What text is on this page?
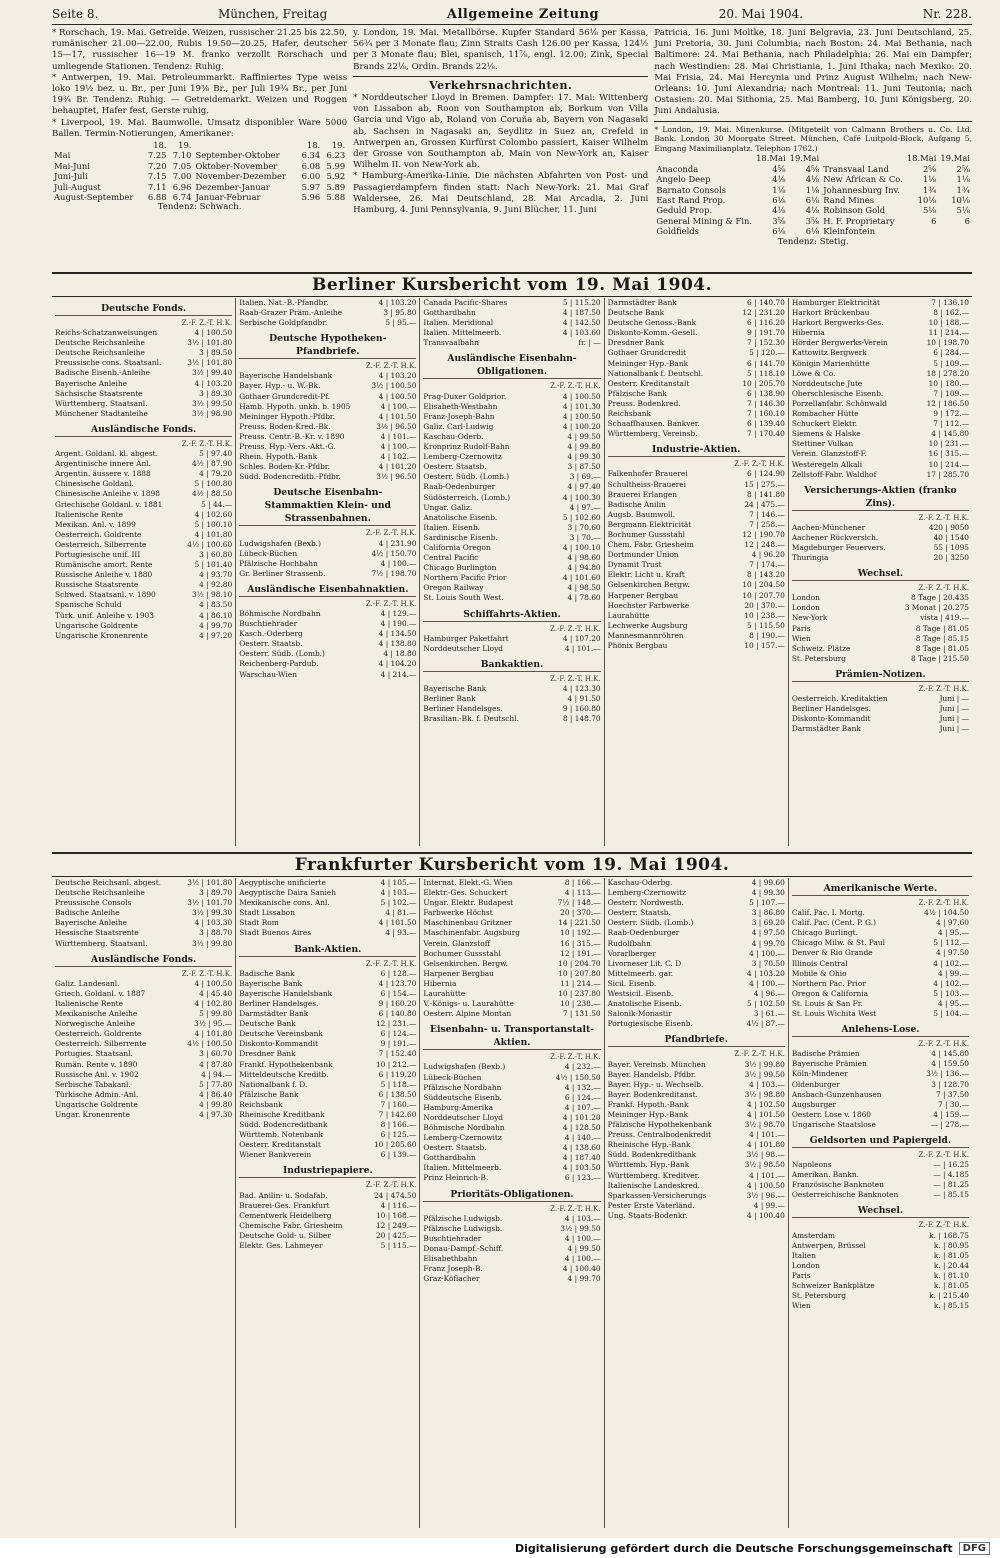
Seite 8.	München, Freitag	Allgemeine Zeitung	20. Mai 1904.	Nr. 228.
* Rorschach, 19. Mai. Getreide. Weizen, russischer 21.25 bis 22.50, rumänischer 21.00—22.00, Rubis 19.50—20.25, Hafer, deutscher 15—17, russischer 16—19 M. franko verzollt Rorschach und umliegende Stationen. Tendenz: Ruhig.
* Antwerpen, 19. Mai. Petroleummarkt. Raffiniertes Type weiss loko 19½ bez. u. Br., per Juni 19⅜ Br., per Juli 19¾ Br., per Juni 19¾ Br. Tendenz: Ruhig. — Getreidemarkt. Weizen und Roggen behauptet, Hafer fest, Gerste ruhig.
* Liverpool, 19. Mai. Baumwolle. Umsatz disponibler Ware 5000 Ballen. Termin-Notierungen, Amerikaner:
	18.	19.		18.	19.
Mai	7.25	7.10	September-Oktober	6.34	6.23
Mai-Juni	7.20	7.05	Oktober-November	6.08	5.99
Juni-Juli	7.15	7.00	November-Dezember	6.00	5.92
Juli-August	7.11	6.96	Dezember-Januar	5.97	5.89
August-September	6.88	6.74	Januar-Februar	5.96	5.88
Tendenz: Schwach.
y. London, 19. Mai. Metallbörse. Kupfer Standard 56⅛ per Kassa, 56¾ per 3 Monate flau; Zinn Straits Cash 126.00 per Kassa, 124½ per 3 Monate flau; Blei, spanisch, 11⅞, engl. 12.00; Zink, Special Brands 22⅛, Ordin. Brands 22⅛.
Verkehrsnachrichten.
* Norddeutscher Lloyd in Bremen. Dampfer: 17. Mai: Wittenberg von Lissabon ab, Roon von Southampton ab, Borkum von Villa Garcia und Vigo ab, Roland von Coruña ab, Bayern von Nagasaki ab, Sachsen in Nagasaki an, Seydlitz in Suez an, Crefeld in Antwerpen an, Grossen Kurfürst Colombo passiert, Kaiser Wilhelm der Grosse von Southampton ab, Main von New-York an, Kaiser Wilhelm II. von New-York ab.
* Hamburg-Amerika-Linie. Die nächsten Abfahrten von Post- und Passagierdampfern finden statt: Nach New-York: 21. Mai Graf Waldersee, 26. Mai Deutschland, 28. Mai Arcadia, 2. Juni Hamburg, 4. Juni Pennsylvania, 9. Juni Blücher, 11. Juni
Patricia, 16. Juni Moltke, 18. Juni Belgravia, 23. Juni Deutschland, 25. Juni Pretoria, 30. Juni Columbia; nach Boston: 24. Mai Bethania, nach Baltimore: 24. Mai Bethania, nach Philadelphia: 26. Mai ein Dampfer; nach Westindien: 28. Mai Christiania, 1. Juni Ithaka; nach Mexiko: 20. Mai Frisia, 24. Mai Hercynia und Prinz August Wilhelm; nach New-Orleans: 10. Juni Alexandria; nach Montreal: 11. Juni Teutonia; nach Ostasien: 20. Mai Sithonia, 25. Mai Bamberg, 10. Juni Königsberg, 20. Juni Andalusia.
* London, 19. Mai. Minenkurse. (Mitgeteilt von Calmann Brothers u. Co. Ltd. Bank. London 30 Moorgate Street. München, Café Luitpold-Block, Aufgang 5, Eingang Maximilianplatz. Telephon 1762.)
	18.Mai	19.Mai		18.Mai	19.Mai
Anaconda	4⅝	4⅝	Transvaal Land	2⅝	2⅝
Angelo Deep	4⅛	4⅛	New African & Co.	1⅛	1⅛
Barnato Consols	1⅛	1⅛	Johannesburg Inv.	1¾	1¾
East Rand Prop.	6⅛	6⅛	Rand Mines	10⅛	10⅛
Geduld Prop.	4⅛	4⅛	Robinson Gold	5⅛	5⅛
General Mining & Fin.	3⅝	3⅝	H. F. Proprietary	6	6
Goldfields	6⅛	6⅛	Kleinfontein		
Tendenz: Stetig.
Berliner Kursbericht vom 19. Mai 1904.
Deutsche Fonds.
Z.-F. Z.-T. H.K.
Reichs-Schatzanweisungen	4 | 100.50
Deutsche Reichsanleihe	3½ | 101.80
Deutsche Reichsanleihe	3 | 89.50
Preussische cons. Staatsanl.	3½ | 101.80
Badische Eisenb.-Anleihe	3½ | 99.40
Bayerische Anleihe	4 | 103.20
Sächsische Staatsrente	3 | 89.30
Württemberg. Staatsanl.	3½ | 99.50
Münchener Stadtanleihe	3½ | 98.90
Ausländische Fonds.
Z.-F. Z.-T. H.K.
Argent. Goldanl. kl. abgest.	5 | 97.40
Argentinische innere Anl.	4½ | 87.90
Argentin. äussere v. 1888	4 | 79.20
Chinesische Goldanl.	5 | 100.80
Chinesische Anleihe v. 1898	4½ | 88.50
Griechische Goldanl. v. 1881	5 | 44.—
Italienische Rente	4 | 102.60
Mexikan. Anl. v. 1899	5 | 100.10
Oesterreich. Goldrente	4 | 101.80
Oesterreich. Silberrente	4½ | 100.60
Portugiesische unif. III	3 | 60.80
Rumänische amort. Rente	5 | 101.40
Russische Anleihe v. 1880	4 | 93.70
Russische Staatsrente	4 | 92.80
Schwed. Staatsanl. v. 1890	3½ | 98.10
Spanische Schuld	4 | 83.50
Türk. unif. Anleihe v. 1903	4 | 86.10
Ungarische Goldrente	4 | 99.70
Ungarische Kronenrente	4 | 97.20
Italien. Nat.-B.-Pfandbr.	4 | 103.20
Raab-Grazer Präm.-Anleihe	3 | 95.80
Serbische Goldpfandbr.	5 | 95.—
Deutsche Hypotheken-Pfandbriefe.
Z.-F. Z.-T. H.K.
Bayerische Handelsbank	4 | 103.20
Bayer. Hyp.- u. W.-Bk.	3½ | 100.50
Gothaer Grundcredit-Pf.	4 | 100.50
Hamb. Hypoth. unkb. b. 1905	4 | 100.—
Meininger Hypoth.-Pfdbr.	4 | 101.50
Preuss. Boden-Kred.-Bk.	3½ | 96.50
Preuss. Centr.-B.-Kr. v. 1890	4 | 101.—
Preuss. Hyp.-Vers.-Akt.-G.	4 | 100.—
Rhein. Hypoth.-Bank	4 | 102.—
Schles. Boden-Kr.-Pfdbr.	4 | 101.20
Südd. Bodencreditb.-Pfdbr.	3½ | 96.50
Deutsche Eisenbahn-Stammaktien Klein- und Strassenbahnen.
Z.-F. Z.-T. H.K.
Ludwigshafen (Bexb.)	4 | 231.90
Lübeck-Büchen	4½ | 150.70
Pfälzische Hochbahn	4 | 100.—
Gr. Berliner Strassenb.	7½ | 198.70
Ausländische Eisenbahnaktien.
Z.-F. Z.-T. H.K.
Böhmische Nordbahn	4 | 129.—
Buschtiehrader	4 | 190.—
Kasch.-Oderberg	4 | 134.50
Oesterr. Staatsb.	4 | 138.80
Oesterr. Südb. (Lomb.)	4 | 18.80
Reichenberg-Pardub.	4 | 104.20
Warschau-Wien	4 | 214.—
Canada Pacific-Shares	5 | 115.20
Gotthardbahn	4 | 187.50
Italien. Meridional	4 | 142.50
Italien. Mittelmeerb.	4 | 103.60
Transvaalbahn	fr. | —
Ausländische Eisenbahn-Obligationen.
Z.-F. Z.-T. H.K.
Prag-Duxer Goldprior.	4 | 100.50
Elisabeth-Westbahn	4 | 101.30
Franz-Joseph-Bahn	4 | 100.50
Galiz. Carl-Ludwig	4 | 100.20
Kaschau-Oderb.	4 | 99.50
Kronprinz Rudolf-Bahn	4 | 99.80
Lemberg-Czernowitz	4 | 99.30
Oesterr. Staatsb.	3 | 87.50
Oesterr. Südb. (Lomb.)	3 | 69.—
Raab-Oedenburger	4 | 97.40
Südösterreich. (Lomb.)	4 | 100.30
Ungar. Galiz.	4 | 97.—
Anatolische Eisenb.	5 | 102.60
Italien. Eisenb.	3 | 70.60
Sardinische Eisenb.	3 | 70.—
California Oregon	4 | 100.10
Central Pacific	4 | 98.60
Chicago Burlington	4 | 94.80
Northern Pacific Prior	4 | 101.60
Oregon Railway	4 | 98.50
St. Louis South West.	4 | 78.60
Schiffahrts-Aktien.
Z.-F. Z.-T. H.K.
Hamburger Paketfahrt	4 | 107.20
Norddeutscher Lloyd	4 | 101.—
Bankaktien.
Z.-F. Z.-T. H.K.
Bayerische Bank	4 | 123.30
Berliner Bank	4 | 91.50
Berliner Handelsges.	9 | 160.80
Brasilian.-Bk. f. Deutschl.	8 | 148.70
Darmstädter Bank	6 | 140.70
Deutsche Bank	12 | 231.20
Deutsche Genoss.-Bank	6 | 116.20
Diskonto-Komm.-Gesell.	9 | 191.70
Dresdner Bank	7 | 152.30
Gothaer Grundcredit	5 | 120.—
Meininger Hyp.-Bank	6 | 141.70
Nationalbank f. Deutschl.	5 | 118.10
Oesterr. Kreditanstalt	10 | 205.70
Pfälzische Bank	6 | 138.90
Preuss. Bodenkred.	7 | 146.30
Reichsbank	7 | 160.10
Schaaffhausen. Bankver.	6 | 139.40
Württemberg. Vereinsb.	7 | 170.40
Industrie-Aktien.
Z.-F. Z.-T. H.K.
Falkenhofer Brauerei	6 | 124.90
Schultheiss-Brauerei	15 | 275.—
Brauerei Erlangen	8 | 141.80
Badische Anilin	24 | 475.—
Augsb. Baumwoll.	7 | 146.—
Bergmann Elektricität	7 | 258.—
Bochumer Gussstahl	12 | 190.70
Chem. Fabr. Griesheim	12 | 248.—
Dortmunder Union	4 | 96.20
Dynamit Trust	7 | 174.—
Elektr. Licht u. Kraft	8 | 143.20
Gelsenkirchen Bergw.	10 | 204.50
Harpener Bergbau	10 | 207.70
Hoechster Farbwerke	20 | 370.—
Laurahütte	10 | 238.—
Lechwerke Augsburg	5 | 115.50
Mannesmannröhren	8 | 190.—
Phönix Bergbau	10 | 157.—
Hamburger Elektricität	7 | 136.10
Harkort Brückenbau	8 | 162.—
Harkort Bergwerks-Ges.	10 | 188.—
Hibernia	11 | 214.—
Hörder Bergwerks-Verein	10 | 198.70
Kattowitz Bergwerk	6 | 284.—
Königin Marienhütte	5 | 109.—
Löwe & Co.	18 | 278.20
Norddeutsche Jute	10 | 180.—
Oberschlesische Eisenb.	7 | 109.—
Porzellanfabr. Schönwald	12 | 186.50
Rombacher Hütte	9 | 172.—
Schuckert Elektr.	7 | 112.—
Siemens & Halske	4 | 145.80
Stettiner Vulkan	10 | 231.—
Verein. Glanzstoff-F.	16 | 315.—
Westeregeln Alkali	10 | 214.—
Zellstoff-Fabr. Waldhof	17 | 285.70
Versicherungs-Aktien (franko Zins).
Z.-F. Z.-T. H.K.
Aachen-Münchener	420 | 9050
Aachener Rückversich.	40 | 1540
Magdeburger Feuervers.	55 | 1095
Thuringia	20 | 3250
Wechsel.
Z.-F. Z.-T. H.K.
London	8 Tage | 20.435
London	3 Monat | 20.275
New-York	vista | 419.—
Paris	8 Tage | 81.05
Wien	8 Tage | 85.15
Schweiz. Plätze	8 Tage | 81.05
St. Petersburg	8 Tage | 215.50
Prämien-Notizen.
Z.-F. Z.-T. H.K.
Oesterreich. Kreditaktien	Juni | —
Berliner Handelsges.	Juni | —
Diskonto-Kommandit	Juni | —
Darmstädter Bank	Juni | —
Frankfurter Kursbericht vom 19. Mai 1904.
Deutsche Reichsanl. abgest.	3½ | 101.80
Deutsche Reichsanleihe	3 | 89.70
Preussische Consols	3½ | 101.70
Badische Anleihe	3½ | 99.30
Bayerische Anleihe	4 | 103.30
Hessische Staatsrente	3 | 88.70
Württemberg. Staatsanl.	3½ | 99.80
Ausländische Fonds.
Z.-F. Z.-T. H.K.
Galiz. Landesanl.	4 | 100.50
Griech. Goldanl. v. 1887	4 | 45.40
Italienische Rente	4 | 102.80
Mexikanische Anleihe	5 | 99.80
Norwegische Anleihe	3½ | 95.—
Oesterreich. Goldrente	4 | 101.80
Oesterreich. Silberrente	4½ | 100.50
Portugies. Staatsanl.	3 | 60.70
Rumän. Rente v. 1890	4 | 87.80
Russische Anl. v. 1902	4 | 94.—
Serbische Tabakanl.	5 | 77.80
Türkische Admin.-Anl.	4 | 86.40
Ungarische Goldrente	4 | 99.80
Ungar. Kronenrente	4 | 97.30
Aegyptische unificierte	4 | 105.—
Aegyptische Daira Sanieh	4 | 103.—
Mexikanische cons. Anl.	5 | 102.—
Stadt Lissabon	4 | 81.—
Stadt Rom	4 | 101.50
Stadt Buenos Aires	4 | 93.—
Bank-Aktien.
Z.-F. Z.-T. H.K.
Badische Bank	6 | 128.—
Bayerische Bank	4 | 123.70
Bayerische Handelsbank	6 | 154.—
Berliner Handelsges.	9 | 160.20
Darmstädter Bank	6 | 140.80
Deutsche Bank	12 | 231.—
Deutsche Vereinsbank	6 | 124.—
Diskonto-Kommandit	9 | 191.—
Dresdner Bank	7 | 152.40
Frankf. Hypothekenbank	10 | 212.—
Mitteldeutsche Kreditb.	6 | 119.20
Nationalbank f. D.	5 | 118.—
Pfälzische Bank	6 | 138.50
Reichsbank	7 | 160.—
Rheinische Kreditbank	7 | 142.60
Südd. Bodencreditbank	8 | 166.—
Württemb. Notenbank	6 | 125.—
Oesterr. Kreditanstalt	10 | 205.60
Wiener Bankverein	6 | 139.—
Industriepapiere.
Z.-F. Z.-T. H.K.
Bad. Anilin- u. Sodafab.	24 | 474.50
Brauerei-Ges. Frankfurt	4 | 116.—
Cementwerk Heidelberg	10 | 168.—
Chemische Fabr. Griesheim	12 | 249.—
Deutsche Gold- u. Silber	20 | 425.—
Elektr. Ges. Lahmeyer	5 | 115.—
Internat. Elekt.-G. Wien	8 | 166.—
Elektr.-Ges. Schuckert	4 | 113.—
Ungar. Elektr. Budapest	7½ | 148.—
Farbwerke Höchst	20 | 370.—
Maschinenbau Gritzner	14 | 221.50
Maschinenfabr. Augsburg	10 | 192.—
Verein. Glanzstoff	16 | 315.—
Bochumer Gussstahl	12 | 191.—
Gelsenkirchen. Bergw.	10 | 204.70
Harpener Bergbau	10 | 207.80
Hibernia	11 | 214.—
Laurahütte	10 | 237.80
V.-Königs- u. Laurahütte	10 | 238.—
Oesterr. Alpine Montan	7 | 131.50
Eisenbahn- u. Transportanstalt-Aktien.
Z.-F. Z.-T. H.K.
Ludwigshafen (Bexb.)	4 | 232.—
Lübeck-Büchen	4½ | 150.50
Pfälzische Nordbahn	4 | 132.—
Süddeutsche Eisenb.	6 | 124.—
Hamburg-Amerika	4 | 107.—
Norddeutscher Lloyd	4 | 101.20
Böhmische Nordbahn	4 | 128.50
Lemberg-Czernowitz	4 | 140.—
Oesterr. Staatsb.	4 | 138.60
Gotthardbahn	4 | 187.40
Italien. Mittelmeerb.	4 | 103.50
Prinz Heinrich-B.	6 | 123.—
Prioritäts-Obligationen.
Z.-F. Z.-T. H.K.
Pfälzische Ludwigsb.	4 | 103.—
Pfälzische Ludwigsb.	3½ | 99.50
Buschtiehrader	4 | 100.—
Donau-Dampf.-Schiff.	4 | 99.50
Elisabethbahn	4 | 100.—
Franz Joseph-B.	4 | 100.40
Graz-Köflacher	4 | 99.70
Kaschau-Oderbg.	4 | 99.60
Lemberg-Czernowitz	4 | 99.30
Oesterr. Nordwestb.	5 | 107.—
Oesterr. Staatsb.	3 | 86.80
Oesterr. Südb. (Lomb.)	3 | 69.20
Raab-Oedenburger	4 | 97.50
Rudolfbahn	4 | 99.70
Vorarlberger	4 | 100.—
Livorneser Lit. C. D	3 | 70.50
Mittelmeerb. gar.	4 | 103.20
Sicil. Eisenb.	4 | 100.—
Westsicil. Eisenb.	4 | 96.—
Anatolische Eisenb.	5 | 102.50
Salonik-Monastir	3 | 61.—
Portugiesische Eisenb.	4½ | 87.—
Pfandbriefe.
Z.-F. Z.-T. H.K.
Bayer. Vereinsb. München	3½ | 99.80
Bayer. Handelsb. Pfdbr.	3½ | 99.50
Bayer. Hyp.- u. Wechselb.	4 | 103.—
Bayer. Bodenkreditanst.	3½ | 98.80
Frankf. Hypoth.-Bank	4 | 102.50
Meininger Hyp.-Bank	4 | 101.50
Pfälzische Hypothekenbank	3½ | 98.70
Preuss. Centralbodenkredit	4 | 101.—
Rheinische Hyp.-Bank	4 | 101.80
Südd. Bodenkreditbank	3½ | 98.—
Württemb. Hyp.-Bank	3½ | 98.50
Württemberg. Kreditver.	4 | 101.—
Italienische Landeskred.	4 | 100.50
Sparkassen-Versicherungs	3½ | 96.—
Pester Erste Vaterländ.	4 | 99.—
Ung. Staats-Bodenkr.	4 | 100.40
Amerikanische Werte.
Z.-F. Z.-T. H.K.
Calif. Pac. I. Mortg.	4½ | 104.50
Calif. Pac. (Cent. P. G.)	4 | 97.60
Chicago Burlingt.	4 | 95.—
Chicago Milw. & St. Paul	5 | 112.—
Denver & Rio Grande	4 | 97.50
Illinois Central	4 | 102.—
Mobile & Ohio	4 | 99.—
Northern Pac. Prior	4 | 102.—
Oregon & California	5 | 103.—
St. Louis & San Fr.	4 | 95.—
St. Louis Wichita West	5 | 104.—
Anlehens-Lose.
Z.-F. Z.-T. H.K.
Badische Prämien	4 | 145.80
Bayerische Prämien	4 | 159.50
Köln-Mindener	3½ | 136.—
Oldenburger	3 | 128.70
Ansbach-Gunzenhausen	7 | 37.50
Augsburger	7 | 30.—
Oesterr. Lose v. 1860	4 | 159.—
Ungarische Staatslose	— | 278.—
Geldsorten und Papiergeld.
Z.-F. Z.-T. H.K.
Napoleons	— | 16.25
Amerikan. Bankn.	— | 4.185
Französische Banknoten	— | 81.25
Oesterreichische Banknoten	— | 85.15
Wechsel.
Z.-F. Z.-T. H.K.
Amsterdam	k. | 168.75
Antwerpen, Brüssel	k. | 80.95
Italien	k. | 81.05
London	k. | 20.44
Paris	k. | 81.10
Schweizer Bankplätze	k. | 81.05
St. Petersburg	k. | 215.40
Wien	k. | 85.15
Digitalisierung gefördert durch die Deutsche Forschungsgemeinschaft	DFG
